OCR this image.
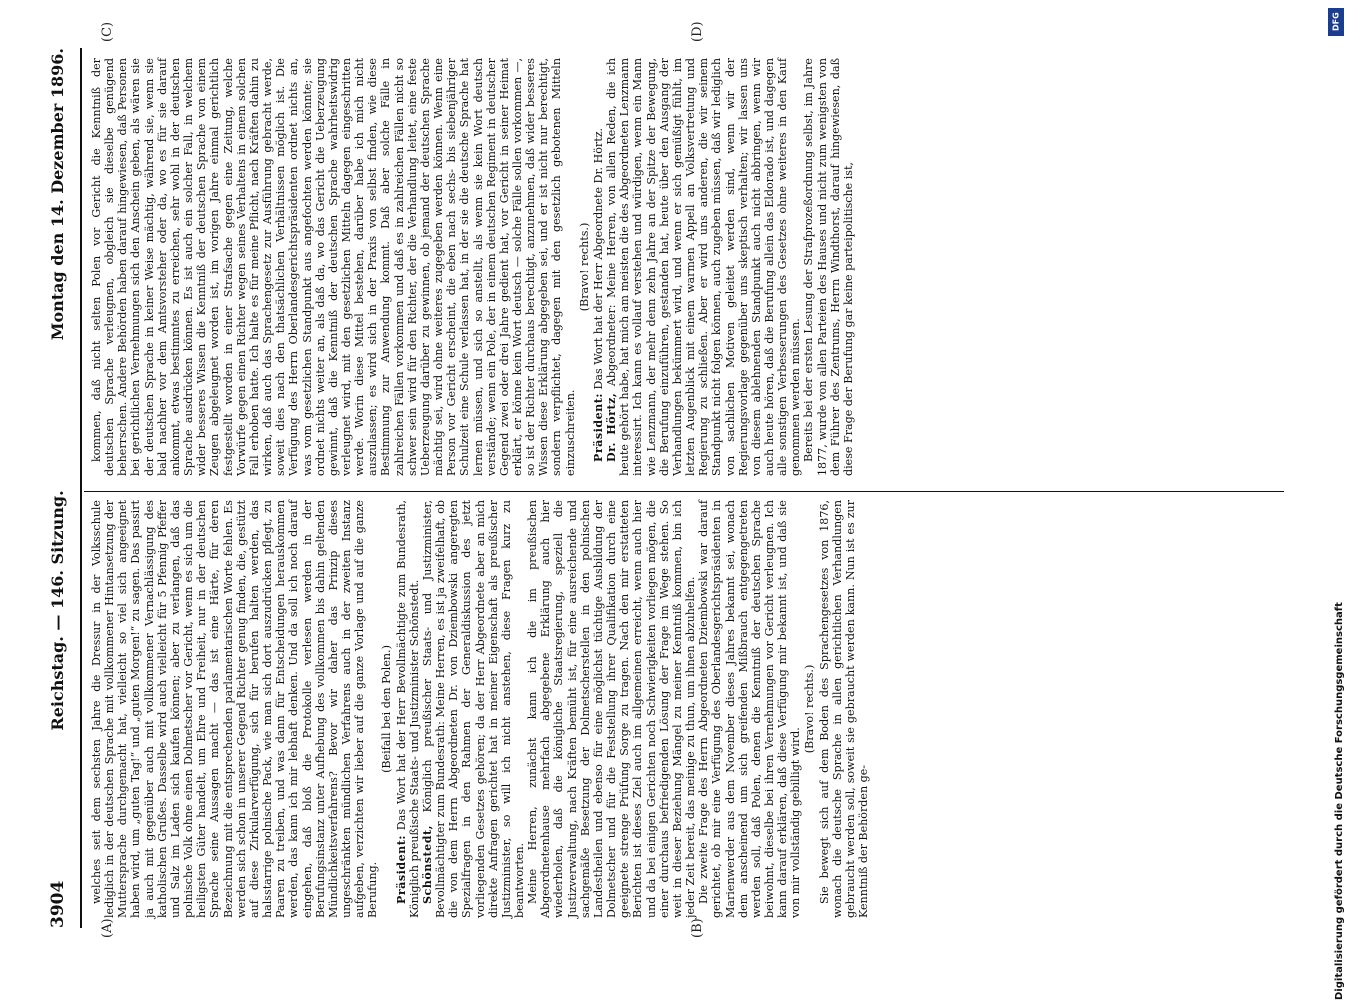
3904
Reichstag. — 146. Sitzung.
Montag den 14. Dezember 1896.
(A)	(B)
(C)	(D)

welches seit dem sechsten Jahre die Dressur in der Volksschule lediglich in der deutschen Sprache mit vollkommener Hintansetzung der Muttersprache durchgemacht hat, vielleicht so viel sich angeeignet haben wird, um „guten Tag!“ und „guten Morgen!“ zu sagen. Das passirt ja auch mit gegenüber auch mit vollkommener Vernachlässigung des katholischen Grußes. Dasselbe wird auch vielleicht für 5 Pfennig Pfeffer und Salz im Laden sich kaufen können; aber zu verlangen, daß das polnische Volk ohne einen Dolmetscher vor Gericht, wenn es sich um die heiligsten Güter handelt, um Ehre und Freiheit, nur in der deutschen Sprache seine Aussagen macht — das ist eine Härte, für deren Bezeichnung mit die entsprechenden parlamentarischen Worte fehlen. Es werden sich schon in unserer Gegend Richter genug finden, die, gestützt auf diese Zirkularverfügung, sich für berufen halten werden, das halsstarrige polnische Pack, wie man sich dort auszudrücken pflegt, zu Paaren zu treiben, und was dann für Entscheidungen herauskommen werden, das kann ich mir lebhaft denken. Und da soll ich noch darauf eingehen, daß bloß die Protokolle verlesen werden in der Berufungsinstanz unter Aufhebung des vollkommen bis dahin geltenden Mündlichkeitsverfahrens? Bevor wir daher das Prinzip dieses ungeschränkten mündlichen Verfahrens auch in der zweiten Instanz aufgeben, verzichten wir lieber auf die ganze Vorlage und auf die ganze Berufung.

(Beifall bei den Polen.)

Präsident: Das Wort hat der Herr Bevollmächtigte zum Bundesrath, Königlich preußische Staats- und Justizminister Schönstedt. Schönstedt, Königlich preußischer Staats- und Justizminister, Bevollmächtigter zum Bundesrath: Meine Herren, es ist ja zweifelhaft, ob die von dem Herrn Abgeordneten Dr. von Dziembowski angeregten Spezialfragen in den Rahmen der Generaldiskussion des jetzt vorliegenden Gesetzes gehören; da der Herr Abgeordnete aber an mich direkte Anfragen gerichtet hat in meiner Eigenschaft als preußischer Justizminister, so will ich nicht anstehen, diese Fragen kurz zu beantworten. Meine Herren, zunächst kann ich die im preußischen Abgeordnetenhause mehrfach abgegebene Erklärung auch hier wiederholen, daß die königliche Staatsregierung, speziell die Justizverwaltung, nach Kräften bemüht ist, für eine ausreichende und sachgemäße Besetzung der Dolmetscherstellen in den polnischen Landestheilen und ebenso für eine möglichst tüchtige Ausbildung der Dolmetscher und für die Feststellung ihrer Qualifikation durch eine geeignete strenge Prüfung Sorge zu tragen. Nach den mir erstatteten Berichten ist dieses Ziel auch im allgemeinen erreicht, wenn auch hier und da bei einigen Gerichten noch Schwierigkeiten vorliegen mögen, die einer durchaus befriedigenden Lösung der Frage im Wege stehen. So weit in dieser Beziehung Mängel zu meiner Kenntniß kommen, bin ich jeder Zeit bereit, das meinige zu thun, um ihnen abzuhelfen. Die zweite Frage des Herrn Abgeordneten Dziembowski war darauf gerichtet, ob mir eine Verfügung des Oberlandesgerichtspräsidenten in Marienwerder aus dem November dieses Jahres bekannt sei, wonach dem anscheinend um sich greifenden Mißbrauch entgegengetreten werden soll, daß Polen, denen die Kenntniß der deutschen Sprache beiwohnt, dieselbe bei ihren Vernehmungen vor Gericht verleugnen. Ich kann darauf erklären, daß diese Verfügung mir bekannt ist, und daß sie von mir vollständig gebilligt wird.

(Bravo! rechts.) Sie bewegt sich auf dem Boden des Sprachengesetzes von 1876, wonach die deutsche Sprache in allen gerichtlichen Verhandlungen gebraucht werden soll, soweit sie gebraucht werden kann. Nun ist es zur Kenntniß der Behörden ge-

kommen, daß nicht selten Polen vor Gericht die Kenntniß der deutschen Sprache verleugnen, obgleich sie dieselbe genügend beherrschen. Andere Behörden haben darauf hingewiesen, daß Personen bei gerichtlichen Vernehmungen sich den Anschein geben, als wären sie der deutschen Sprache in keiner Weise mächtig, während sie, wenn sie bald nachher vor dem Amtsvorsteher oder da, wo es für sie darauf ankommt, etwas bestimmtes zu erreichen, sehr wohl in der deutschen Sprache ausdrücken können. Es ist auch ein solcher Fall, in welchem wider besseres Wissen die Kenntniß der deutschen Sprache von einem Zeugen abgeleugnet worden ist, im vorigen Jahre einmal gerichtlich festgestellt worden in einer Strafsache gegen eine Zeitung, welche Vorwürfe gegen einen Richter wegen seines Verhaltens in einem solchen Fall erhoben hatte. Ich halte es für meine Pflicht, nach Kräften dahin zu wirken, daß auch das Sprachengesetz zur Ausführung gebracht werde, soweit dies nach den thatsächlichen Verhältnissen möglich ist. Die Verfügung des Herrn Oberlandesgerichtspräsidenten ordnet nichts an, was vom gesetzlichen Standpunkt aus angefochten werden könnte; sie ordnet nichts weiter an, als daß da, wo das Gericht die Ueberzeugung gewinnt, daß die Kenntniß der deutschen Sprache wahrheitswidrig verleugnet wird, mit den gesetzlichen Mitteln dagegen eingeschritten werde. Worin diese Mittel bestehen, darüber habe ich mich nicht auszulassen; es wird sich in der Praxis von selbst finden, wie diese Bestimmung zur Anwendung kommt. Daß aber solche Fälle in zahlreichen Fällen vorkommen und daß es in zahlreichen Fällen nicht so schwer sein wird für den Richter, der die Verhandlung leitet, eine feste Ueberzeugung darüber zu gewinnen, ob jemand der deutschen Sprache mächtig sei, wird ohne weiteres zugegeben werden können. Wenn eine Person vor Gericht erscheint, die eben nach sechs- bis siebenjähriger Schulzeit eine Schule verlassen hat, in der sie die deutsche Sprache hat lernen müssen, und sich so anstellt, als wenn sie kein Wort deutsch verstände; wenn ein Pole, der in einem deutschen Regiment in deutscher Gegend zwei oder drei Jahre gedient hat, vor Gericht in seiner Heimat erklärt, er könne kein Wort deutsch — solche Fälle sollen vorkommen —, so ist der Richter durchaus berechtigt, anzunehmen, daß wider besseres Wissen diese Erklärung abgegeben sei, und er ist nicht nur berechtigt, sondern verpflichtet, dagegen mit den gesetzlich gebotenen Mitteln einzuschreiten.

(Bravo! rechts.)

Präsident: Das Wort hat der Herr Abgeordnete Dr. Hörtz.

Dr. Hörtz, Abgeordneter: Meine Herren, von allen Reden, die ich heute gehört habe, hat mich am meisten die des Abgeordneten Lenzmann interessirt. Ich kann es vollauf verstehen und würdigen, wenn ein Mann wie Lenzmann, der mehr denn zehn Jahre an der Spitze der Bewegung, die Berufung einzuführen, gestanden hat, heute über den Ausgang der Verhandlungen bekümmert wird, und wenn er sich gemüßigt fühlt, im letzten Augenblick mit einem warmen Appell an Volksvertretung und Regierung zu schließen. Aber er wird uns anderen, die wir seinem Standpunkt nicht folgen können, auch zugeben müssen, daß wir lediglich von sachlichen Motiven geleitet werden sind, wenn wir der Regierungsvorlage gegenüber uns skeptisch verhalten; wir lassen uns von diesem ablehnenden Standpunkt auch nicht abbringen, wenn wir auch heute hören, daß die Berufung allein das Eldorado ist, und dagegen alle sonstigen Verbesserungen des Gesetzes ohne weiteres in den Kauf genommen werden müssen. Bereits bei der ersten Lesung der Strafprozeßordnung selbst, im Jahre 1877, wurde von allen Parteien des Hauses und nicht zum wenigsten von dem Führer des Zentrums, Herrn Windthorst, darauf hingewiesen, daß diese Frage der Berufung gar keine parteipolitische ist,

DFG
Digitalisierung gefördert durch die Deutsche Forschungsgemeinschaft
